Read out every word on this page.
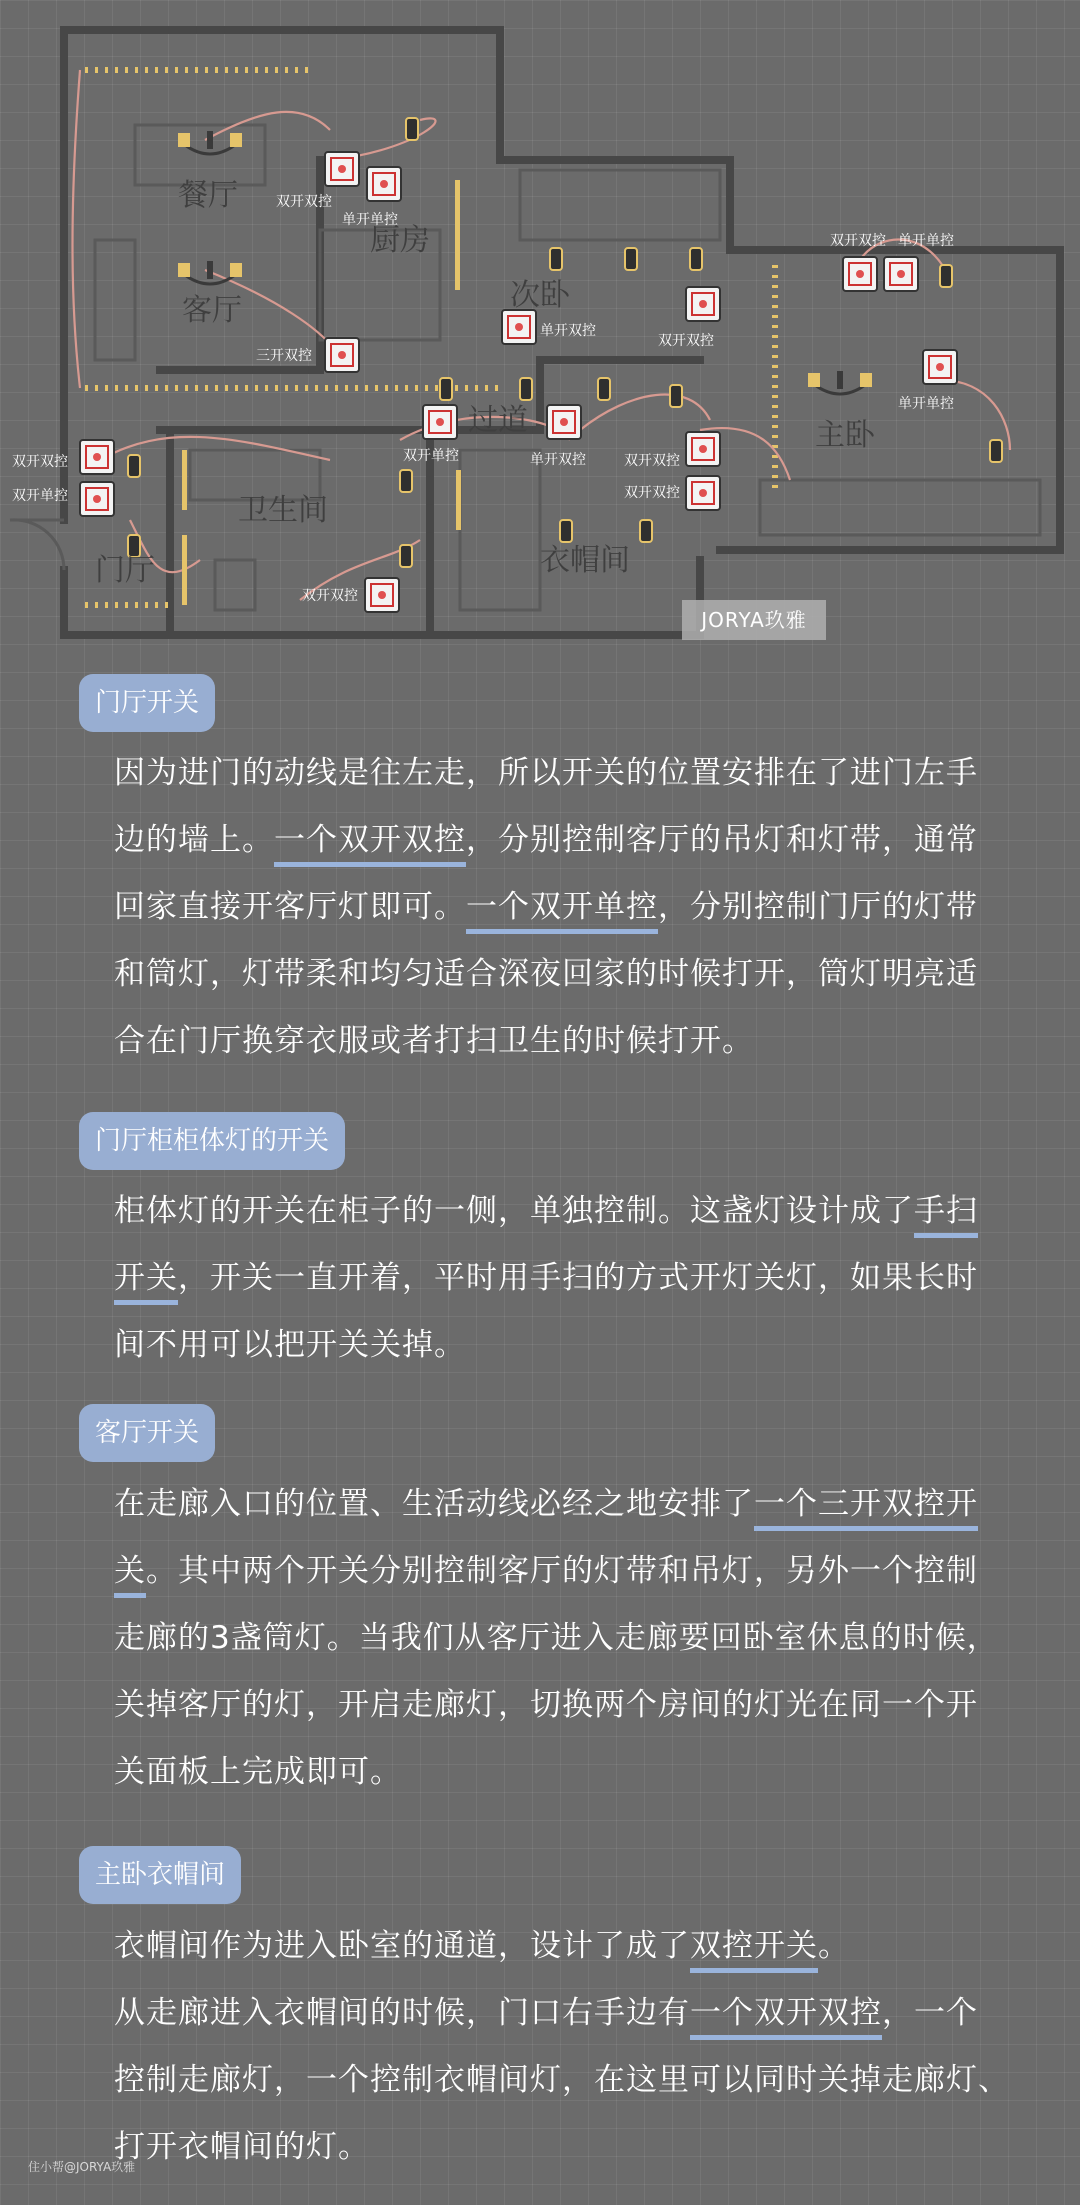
餐厅
厨房
客厅	次卧
过道	主卧
卫生间
门厅	衣帽间
双开双控
单开单控
三开双控
单开双控
双开双控
双开双控 单开单控
单开单控
双开双控	单开双控
双开单控	双开双控
双开双控
双开单控
双开双控
JORYA玖雅
门厅开关
因为进门的动线是往左走，所以开关的位置安排在了进门左手
边的墙上。一个双开双控，分别控制客厅的吊灯和灯带，通常
回家直接开客厅灯即可。一个双开单控，分别控制门厅的灯带
和筒灯，灯带柔和均匀适合深夜回家的时候打开，筒灯明亮适
合在门厅换穿衣服或者打扫卫生的时候打开。
门厅柜柜体灯的开关
柜体灯的开关在柜子的一侧，单独控制。这盏灯设计成了手扫
开关，开关一直开着，平时用手扫的方式开灯关灯，如果长时
间不用可以把开关关掉。
客厅开关
在走廊入口的位置、生活动线必经之地安排了一个三开双控开
关。其中两个开关分别控制客厅的灯带和吊灯，另外一个控制
走廊的3盏筒灯。当我们从客厅进入走廊要回卧室休息的时候，
关掉客厅的灯，开启走廊灯，切换两个房间的灯光在同一个开
关面板上完成即可。
主卧衣帽间
衣帽间作为进入卧室的通道，设计了成了双控开关。
从走廊进入衣帽间的时候，门口右手边有一个双开双控，一个
控制走廊灯，一个控制衣帽间灯，在这里可以同时关掉走廊灯、
打开衣帽间的灯。
住小帮@JORYA玖雅
